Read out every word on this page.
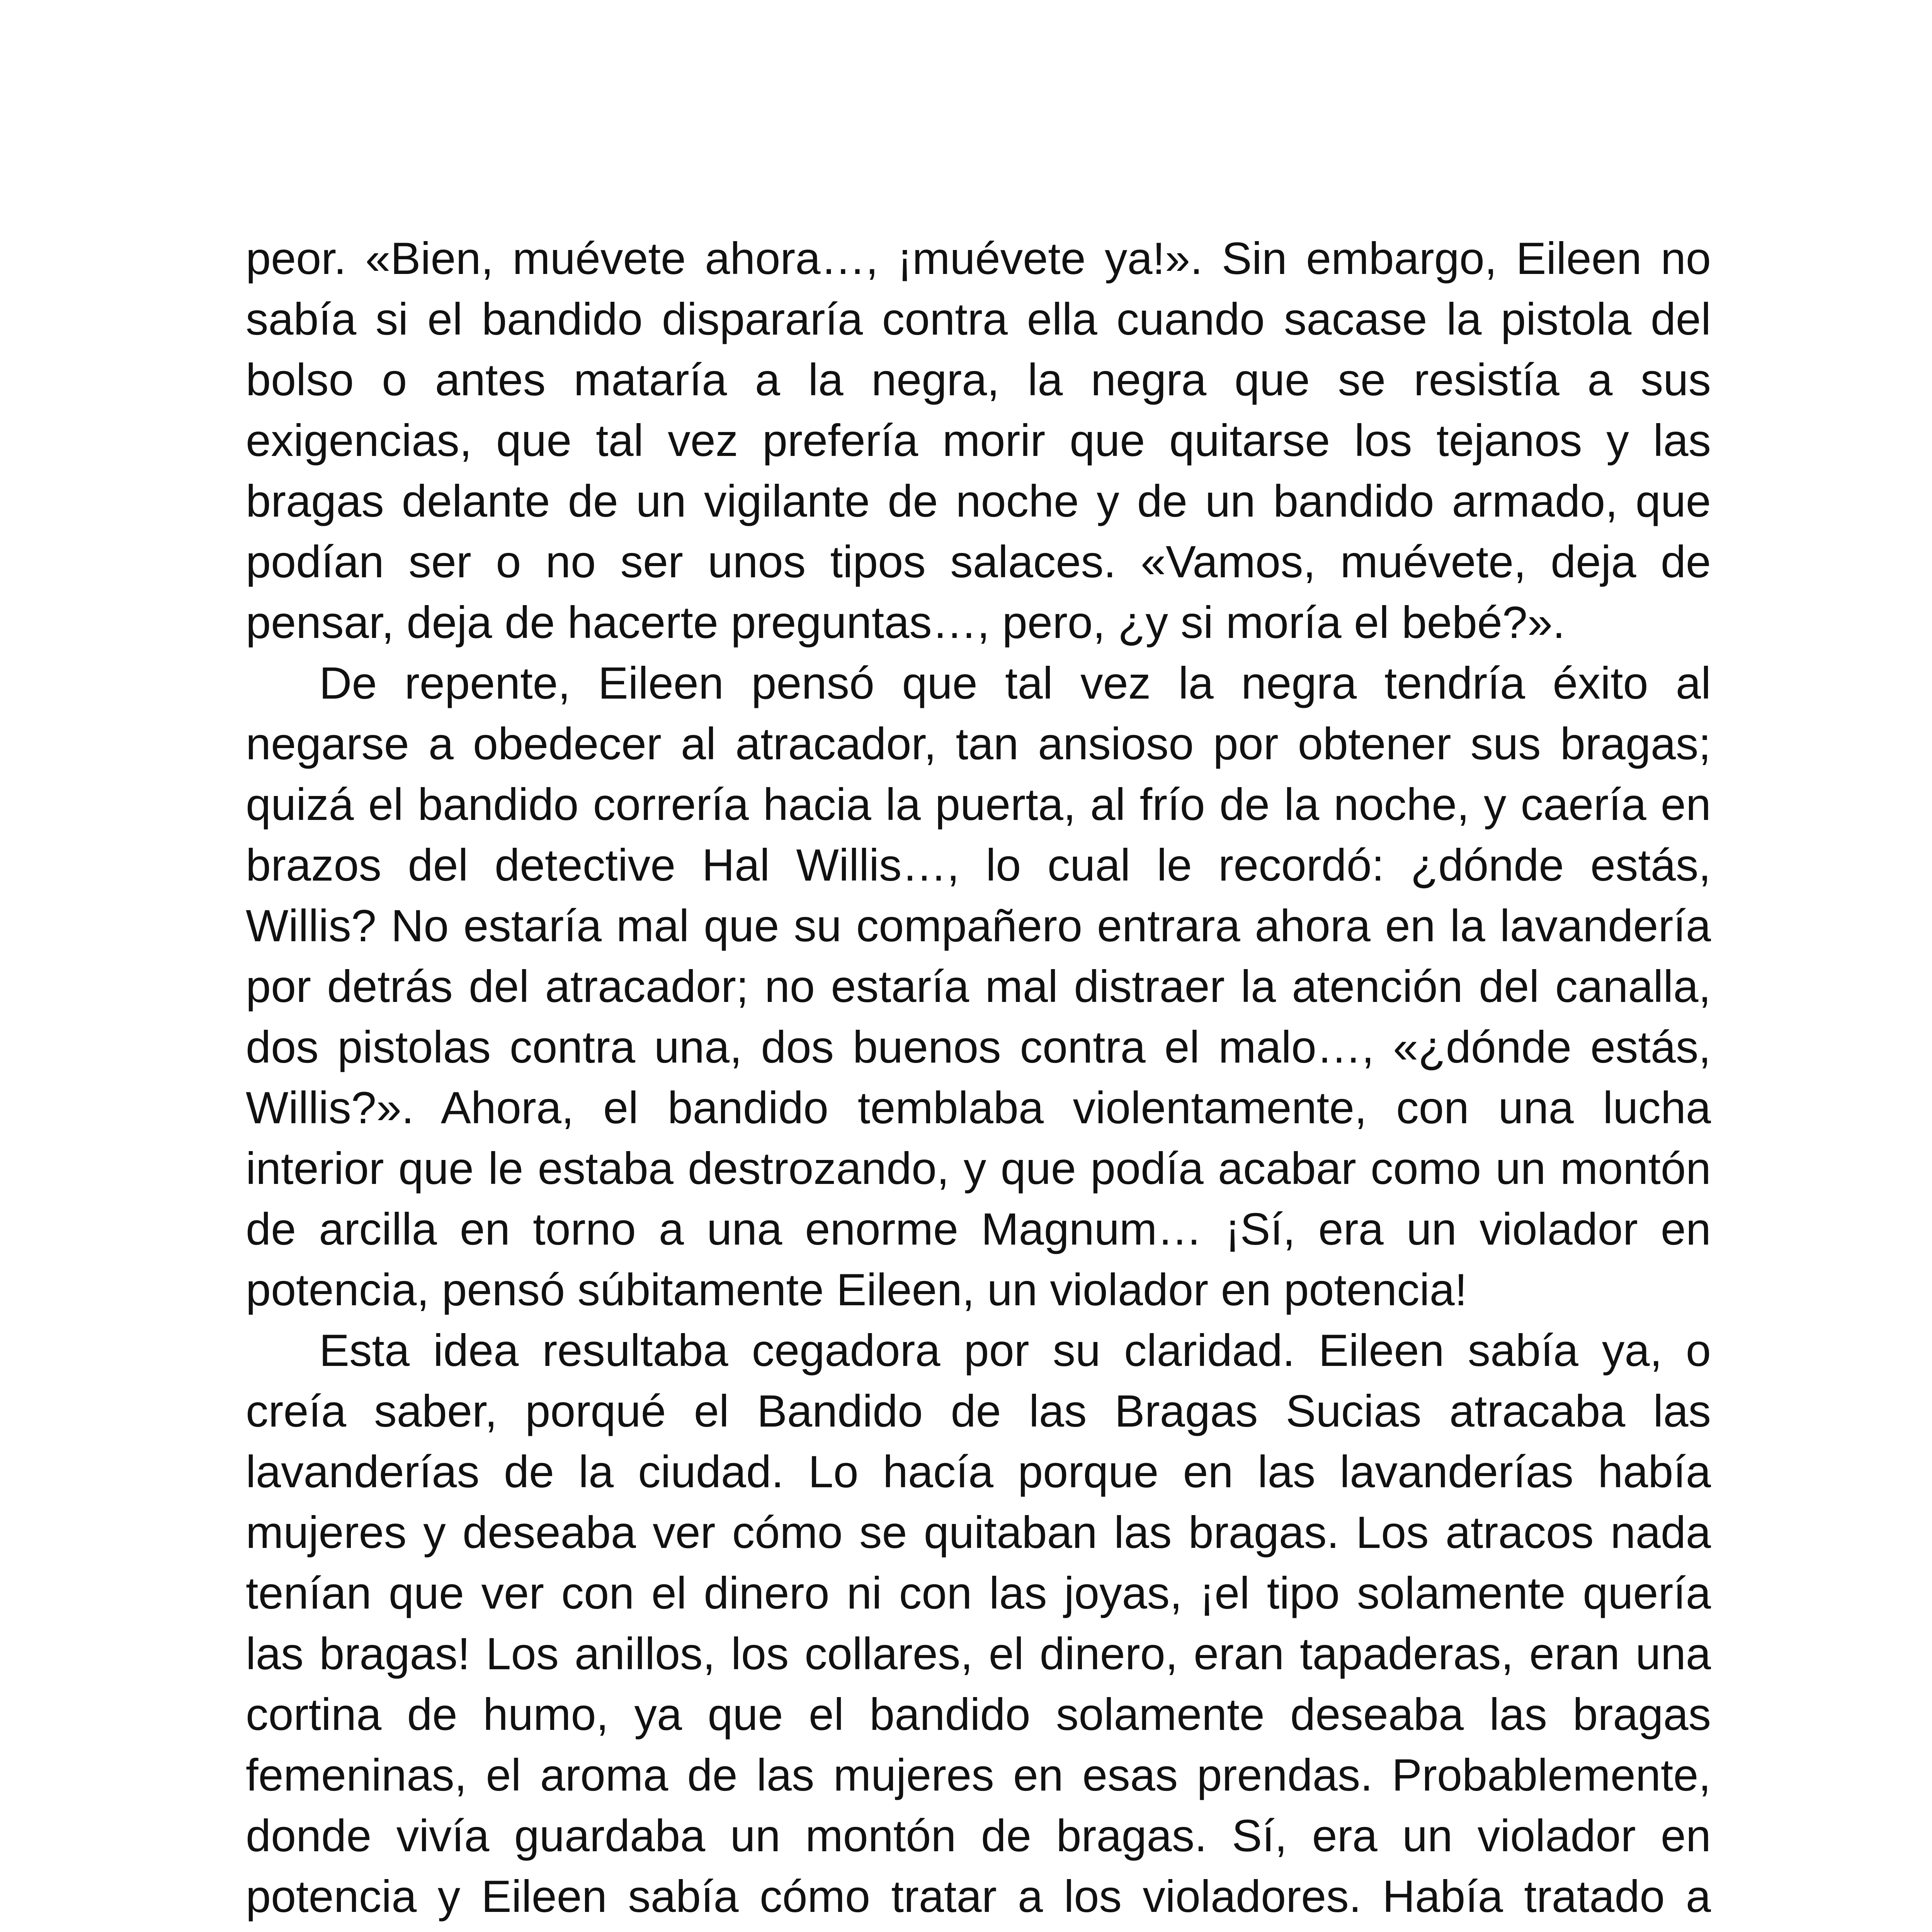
peor. «Bien, muévete ahora…, ¡muévete ya!». Sin embargo, Eileen no sabía si el bandido dispararía contra ella cuando sacase la pistola del bolso o antes mataría a la negra, la negra que se resistía a sus exigencias, que tal vez prefería morir que quitarse los tejanos y las bragas delante de un vigilante de noche y de un bandido armado, que podían ser o no ser unos tipos salaces. «Vamos, muévete, deja de pensar, deja de hacerte preguntas…, pero, ¿y si moría el bebé?».

De repente, Eileen pensó que tal vez la negra tendría éxito al negarse a obedecer al atracador, tan ansioso por obtener sus bragas; quizá el bandido correría hacia la puerta, al frío de la noche, y caería en brazos del detective Hal Willis…, lo cual le recordó: ¿dónde estás, Willis? No estaría mal que su compañero entrara ahora en la lavandería por detrás del atracador; no estaría mal distraer la atención del canalla, dos pistolas contra una, dos buenos contra el malo…, «¿dónde estás, Willis?». Ahora, el bandido temblaba violentamente, con una lucha interior que le estaba destrozando, y que podía acabar como un montón de arcilla en torno a una enorme Magnum… ¡Sí, era un violador en potencia, pensó súbitamente Eileen, un violador en potencia!

Esta idea resultaba cegadora por su claridad. Eileen sabía ya, o creía saber, porqué el Bandido de las Bragas Sucias atracaba las lavanderías de la ciudad. Lo hacía porque en las lavanderías había mujeres y deseaba ver cómo se quitaban las bragas. Los atracos nada tenían que ver con el dinero ni con las joyas, ¡el tipo solamente quería las bragas! Los anillos, los collares, el dinero, eran tapaderas, eran una cortina de humo, ya que el bandido solamente deseaba las bragas femeninas, el aroma de las mujeres en esas prendas. Probablemente, donde vivía guardaba un montón de bragas. Sí, era un violador en potencia y Eileen sabía cómo tratar a los violadores. Había tratado a
